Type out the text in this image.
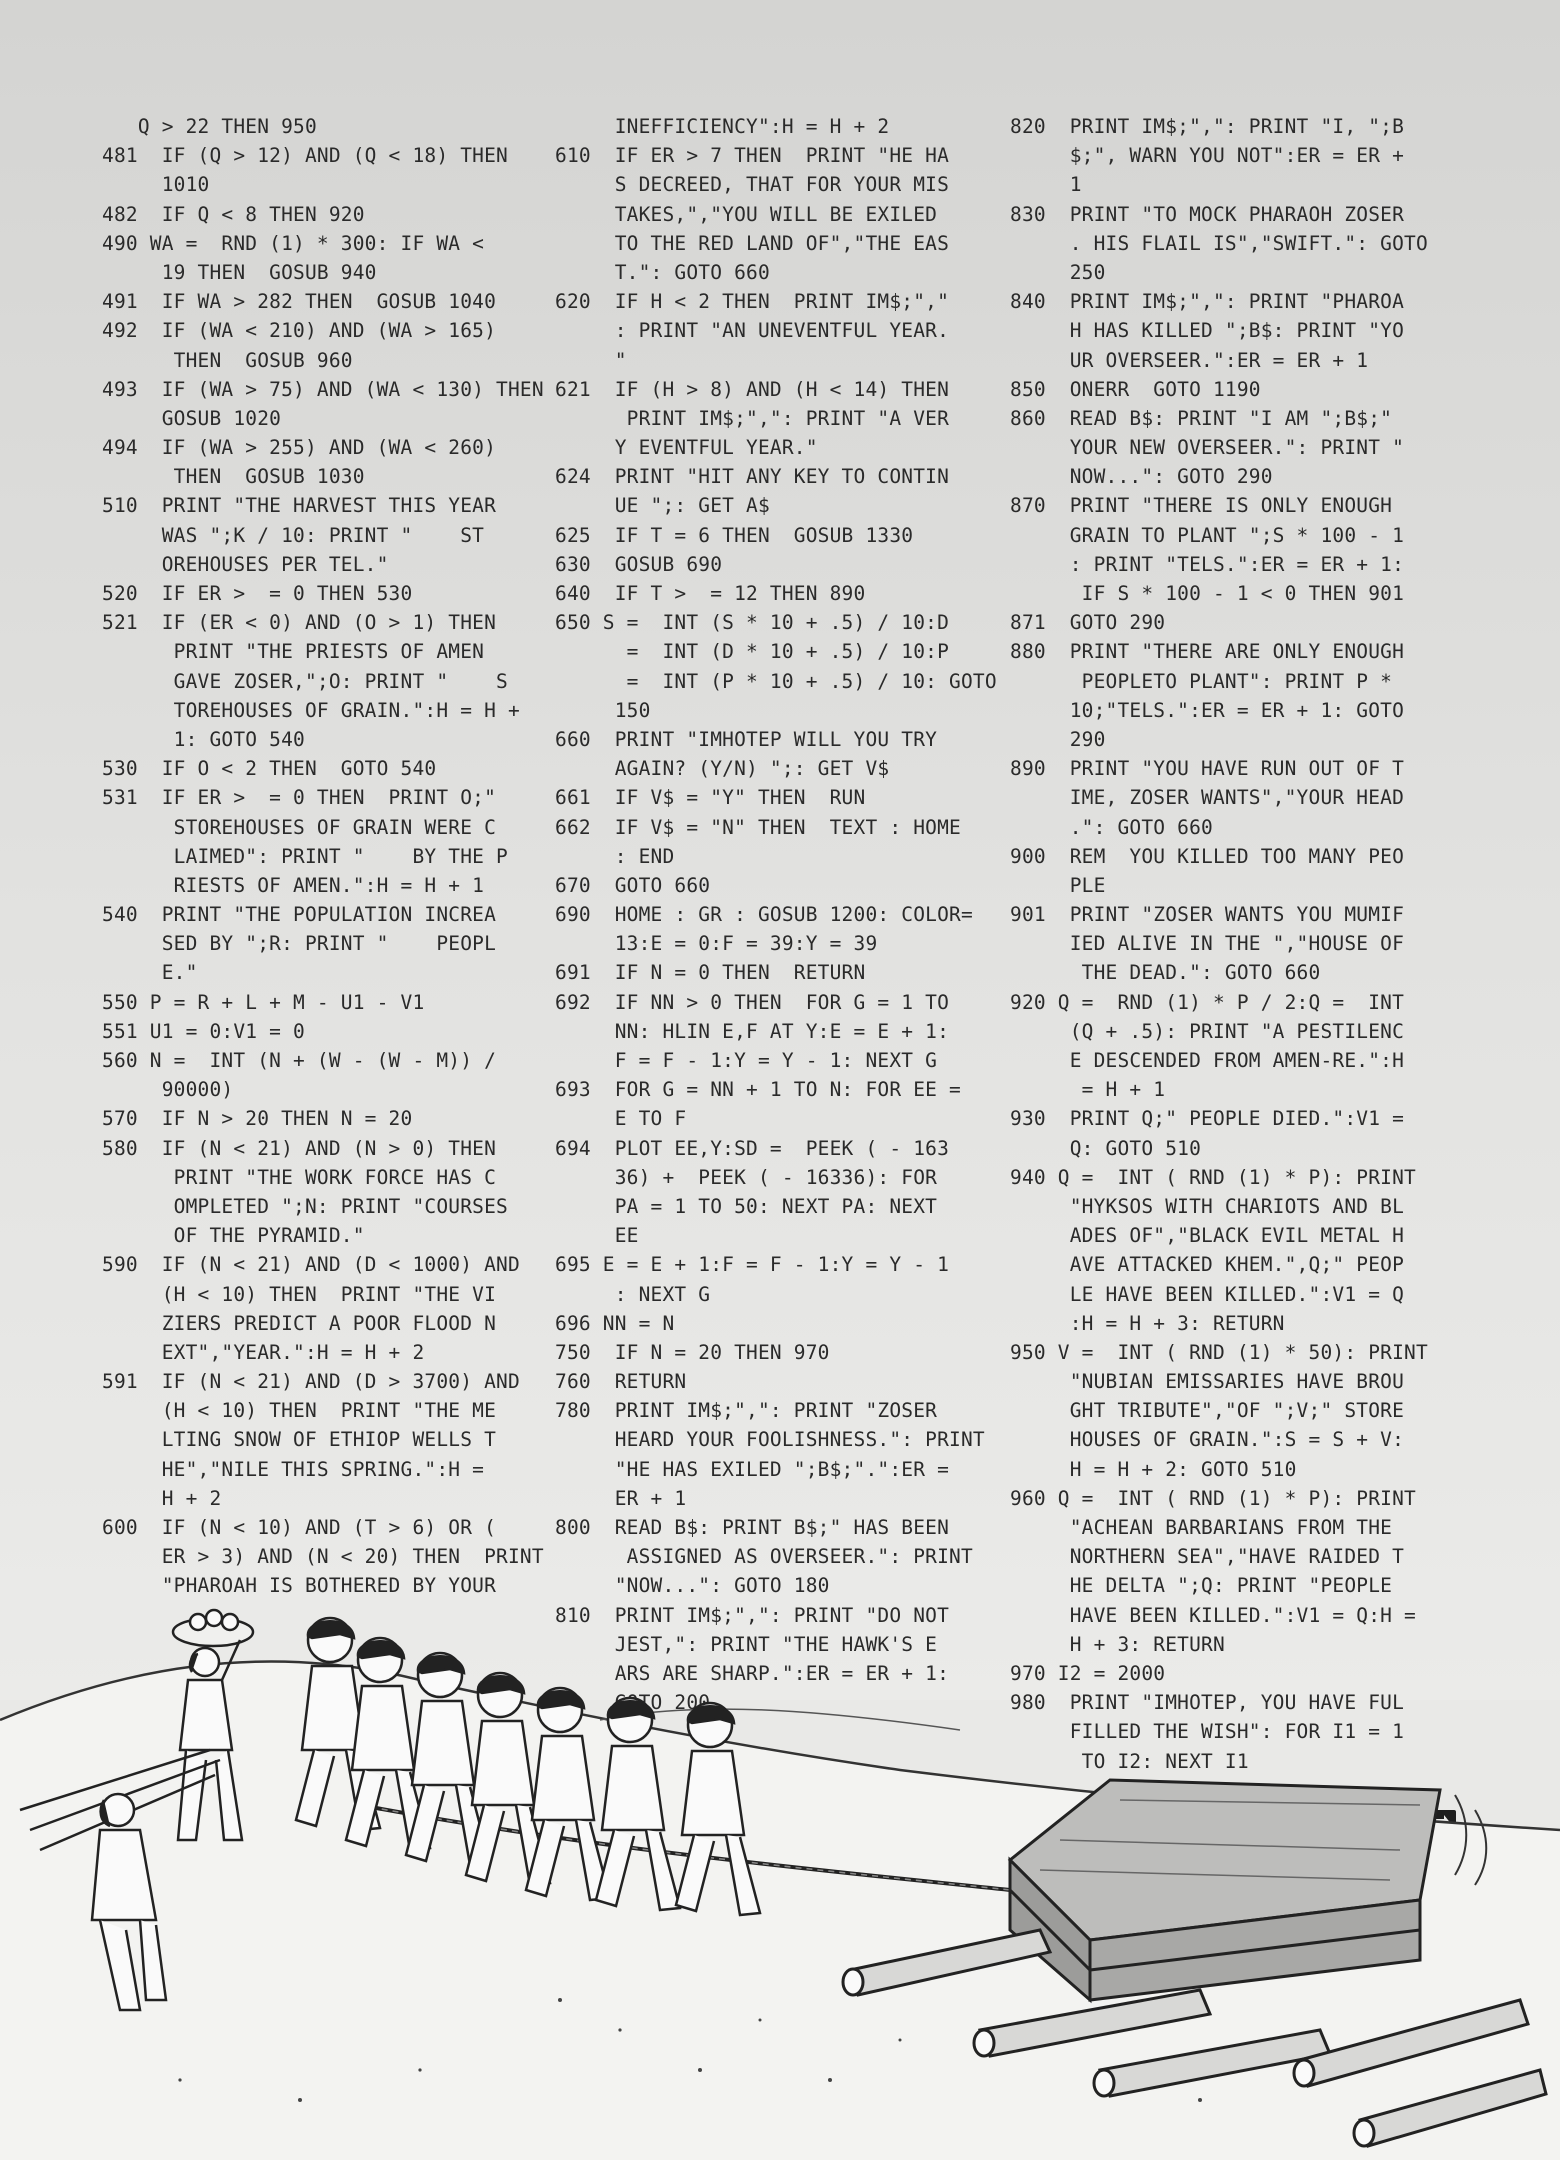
Q > 22 THEN 950
481  IF (Q > 12) AND (Q < 18) THEN
1010
482  IF Q < 8 THEN 920
490 WA =  RND (1) * 300: IF WA <
19 THEN  GOSUB 940
491  IF WA > 282 THEN  GOSUB 1040
492  IF (WA < 210) AND (WA > 165)
THEN  GOSUB 960
493  IF (WA > 75) AND (WA < 130) THEN
GOSUB 1020
494  IF (WA > 255) AND (WA < 260)
THEN  GOSUB 1030
510  PRINT "THE HARVEST THIS YEAR
WAS ";K / 10: PRINT "    ST
OREHOUSES PER TEL."
520  IF ER >  = 0 THEN 530
521  IF (ER < 0) AND (O > 1) THEN
PRINT "THE PRIESTS OF AMEN
GAVE ZOSER,";O: PRINT "    S
TOREHOUSES OF GRAIN.":H = H +
1: GOTO 540
530  IF O < 2 THEN  GOTO 540
531  IF ER >  = 0 THEN  PRINT O;"
STOREHOUSES OF GRAIN WERE C
LAIMED": PRINT "    BY THE P
RIESTS OF AMEN.":H = H + 1
540  PRINT "THE POPULATION INCREA
SED BY ";R: PRINT "    PEOPL
E."
550 P = R + L + M - U1 - V1
551 U1 = 0:V1 = 0
560 N =  INT (N + (W - (W - M)) /
90000)
570  IF N > 20 THEN N = 20
580  IF (N < 21) AND (N > 0) THEN
PRINT "THE WORK FORCE HAS C
OMPLETED ";N: PRINT "COURSES
OF THE PYRAMID."
590  IF (N < 21) AND (D < 1000) AND
(H < 10) THEN  PRINT "THE VI
ZIERS PREDICT A POOR FLOOD N
EXT","YEAR.":H = H + 2
591  IF (N < 21) AND (D > 3700) AND
(H < 10) THEN  PRINT "THE ME
LTING SNOW OF ETHIOP WELLS T
HE","NILE THIS SPRING.":H =
H + 2
600  IF (N < 10) AND (T > 6) OR (
ER > 3) AND (N < 20) THEN  PRINT
"PHAROAH IS BOTHERED BY YOUR
INEFFICIENCY":H = H + 2
610  IF ER > 7 THEN  PRINT "HE HA
S DECREED, THAT FOR YOUR MIS
TAKES,","YOU WILL BE EXILED
TO THE RED LAND OF","THE EAS
T.": GOTO 660
620  IF H < 2 THEN  PRINT IM$;","
: PRINT "AN UNEVENTFUL YEAR.
"
621  IF (H > 8) AND (H < 14) THEN
PRINT IM$;",": PRINT "A VER
Y EVENTFUL YEAR."
624  PRINT "HIT ANY KEY TO CONTIN
UE ";: GET A$
625  IF T = 6 THEN  GOSUB 1330
630  GOSUB 690
640  IF T >  = 12 THEN 890
650 S =  INT (S * 10 + .5) / 10:D
=  INT (D * 10 + .5) / 10:P
=  INT (P * 10 + .5) / 10: GOTO
150
660  PRINT "IMHOTEP WILL YOU TRY
AGAIN? (Y/N) ";: GET V$
661  IF V$ = "Y" THEN  RUN
662  IF V$ = "N" THEN  TEXT : HOME
: END
670  GOTO 660
690  HOME : GR : GOSUB 1200: COLOR=
13:E = 0:F = 39:Y = 39
691  IF N = 0 THEN  RETURN
692  IF NN > 0 THEN  FOR G = 1 TO
NN: HLIN E,F AT Y:E = E + 1:
F = F - 1:Y = Y - 1: NEXT G
693  FOR G = NN + 1 TO N: FOR EE =
E TO F
694  PLOT EE,Y:SD =  PEEK ( - 163
36) +  PEEK ( - 16336): FOR
PA = 1 TO 50: NEXT PA: NEXT
EE
695 E = E + 1:F = F - 1:Y = Y - 1
: NEXT G
696 NN = N
750  IF N = 20 THEN 970
760  RETURN
780  PRINT IM$;",": PRINT "ZOSER
HEARD YOUR FOOLISHNESS.": PRINT
"HE HAS EXILED ";B$;".":ER =
ER + 1
800  READ B$: PRINT B$;" HAS BEEN
ASSIGNED AS OVERSEER.": PRINT
"NOW...": GOTO 180
810  PRINT IM$;",": PRINT "DO NOT
JEST,": PRINT "THE HAWK'S E
ARS ARE SHARP.":ER = ER + 1:
200
820  PRINT IM$;",": PRINT "I, ";B
$;", WARN YOU NOT":ER = ER +
1
830  PRINT "TO MOCK PHARAOH ZOSER
. HIS FLAIL IS","SWIFT.": GOTO
250
840  PRINT IM$;",": PRINT "PHAROA
H HAS KILLED ";B$: PRINT "YO
UR OVERSEER.":ER = ER + 1
850  ONERR  GOTO 1190
860  READ B$: PRINT "I AM ";B$;"
YOUR NEW OVERSEER.": PRINT "
NOW...": GOTO 290
870  PRINT "THERE IS ONLY ENOUGH
GRAIN TO PLANT ";S * 100 - 1
: PRINT "TELS.":ER = ER + 1:
IF S * 100 - 1 < 0 THEN 901
871  GOTO 290
880  PRINT "THERE ARE ONLY ENOUGH
PEOPLETO PLANT": PRINT P *
10;"TELS.":ER = ER + 1: GOTO
290
890  PRINT "YOU HAVE RUN OUT OF T
IME, ZOSER WANTS","YOUR HEAD
.": GOTO 660
900  REM  YOU KILLED TOO MANY PEO
PLE
901  PRINT "ZOSER WANTS YOU MUMIF
IED ALIVE IN THE ","HOUSE OF
THE DEAD.": GOTO 660
920 Q =  RND (1) * P / 2:Q =  INT
(Q + .5): PRINT "A PESTILENC
E DESCENDED FROM AMEN-RE.":H
= H + 1
930  PRINT Q;" PEOPLE DIED.":V1 =
Q: GOTO 510
940 Q =  INT ( RND (1) * P): PRINT
"HYKSOS WITH CHARIOTS AND BL
ADES OF","BLACK EVIL METAL H
AVE ATTACKED KHEM.",Q;" PEOP
LE HAVE BEEN KILLED.":V1 = Q
:H = H + 3: RETURN
950 V =  INT ( RND (1) * 50): PRINT
"NUBIAN EMISSARIES HAVE BROU
GHT TRIBUTE","OF ";V;" STORE
HOUSES OF GRAIN.":S = S + V:
H = H + 2: GOTO 510
960 Q =  INT ( RND (1) * P): PRINT
"ACHEAN BARBARIANS FROM THE
NORTHERN SEA","HAVE RAIDED T
HE DELTA ";Q: PRINT "PEOPLE
HAVE BEEN KILLED.":V1 = Q:H =
H + 3: RETURN
970 I2 = 2000
980  PRINT "IMHOTEP, YOU HAVE FUL
FILLED THE WISH": FOR I1 = 1
TO I2: NEXT I1
